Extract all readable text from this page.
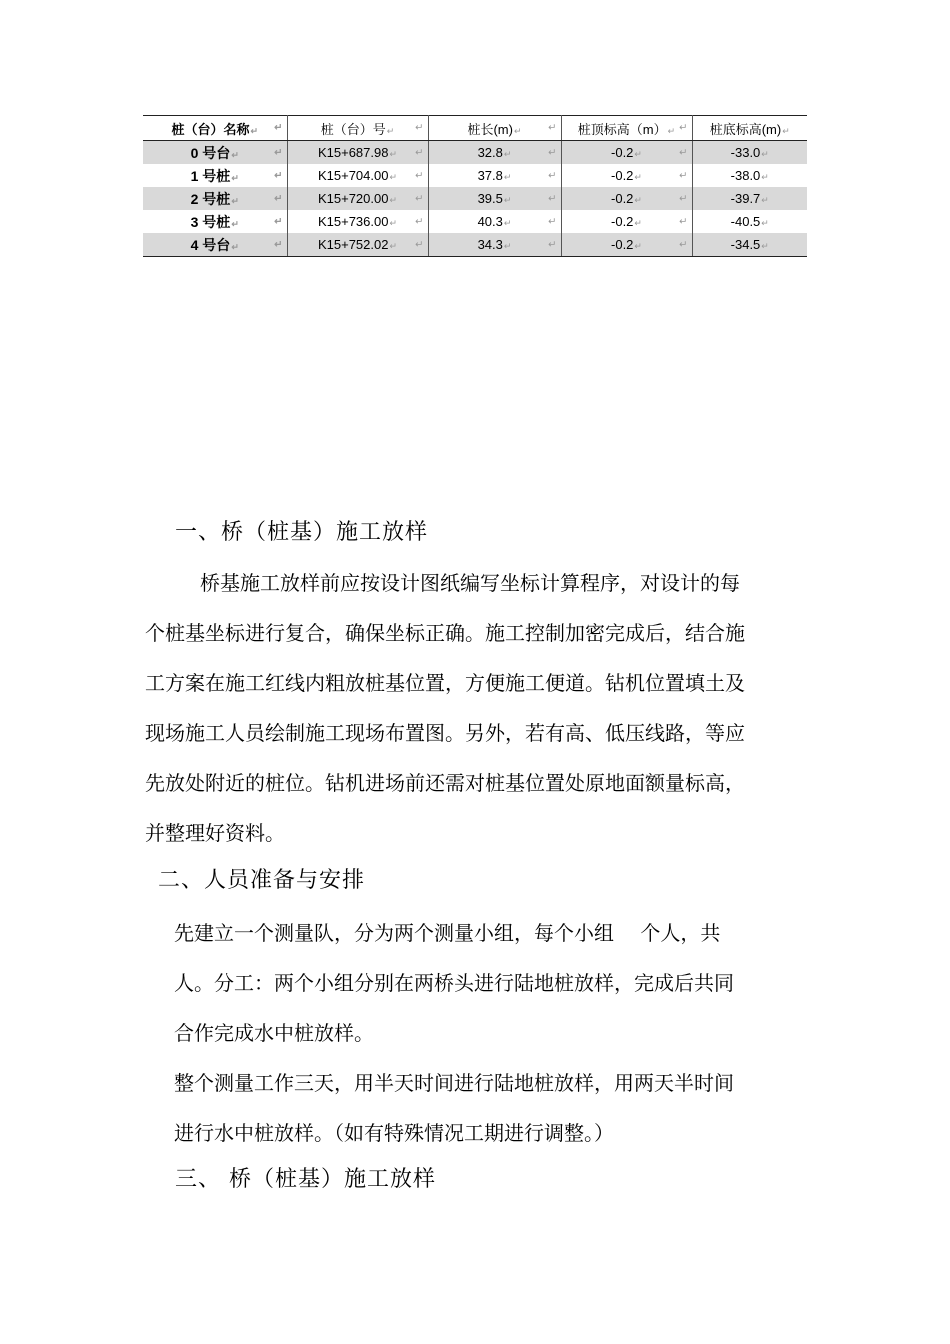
桩（台）名称↵ ↵	桩（台）号↵ ↵	桩长(m)↵ ↵	桩顶标高（m）↵ ↵	桩底标高(m)↵
0 号台↵ ↵	K15+687.98↵ ↵	32.8↵ ↵	-0.2↵ ↵	-33.0↵
1 号桩↵ ↵	K15+704.00↵ ↵	37.8↵ ↵	-0.2↵ ↵	-38.0↵
2 号桩↵ ↵	K15+720.00↵ ↵	39.5↵ ↵	-0.2↵ ↵	-39.7↵
3 号桩↵ ↵	K15+736.00↵ ↵	40.3↵ ↵	-0.2↵ ↵	-40.5↵
4 号台↵ ↵	K15+752.02↵ ↵	34.3↵ ↵	-0.2↵ ↵	-34.5↵
一、桥（桩基）施工放样
桥基施工放样前应按设计图纸编写坐标计算程序，对设计的每
个桩基坐标进行复合，确保坐标正确。施工控制加密完成后，结合施
工方案在施工红线内粗放桩基位置，方便施工便道。钻机位置填土及
现场施工人员绘制施工现场布置图。另外，若有高、低压线路，等应
先放处附近的桩位。钻机进场前还需对桩基位置处原地面额量标高，
并整理好资料。
二、人员准备与安排
先建立一个测量队，分为两个测量小组，每个小组　 个人，共
人。分工：两个小组分别在两桥头进行陆地桩放样，完成后共同
合作完成水中桩放样。
整个测量工作三天，用半天时间进行陆地桩放样，用两天半时间
进行水中桩放样。（如有特殊情况工期进行调整。）
三、 桥（桩基）施工放样
